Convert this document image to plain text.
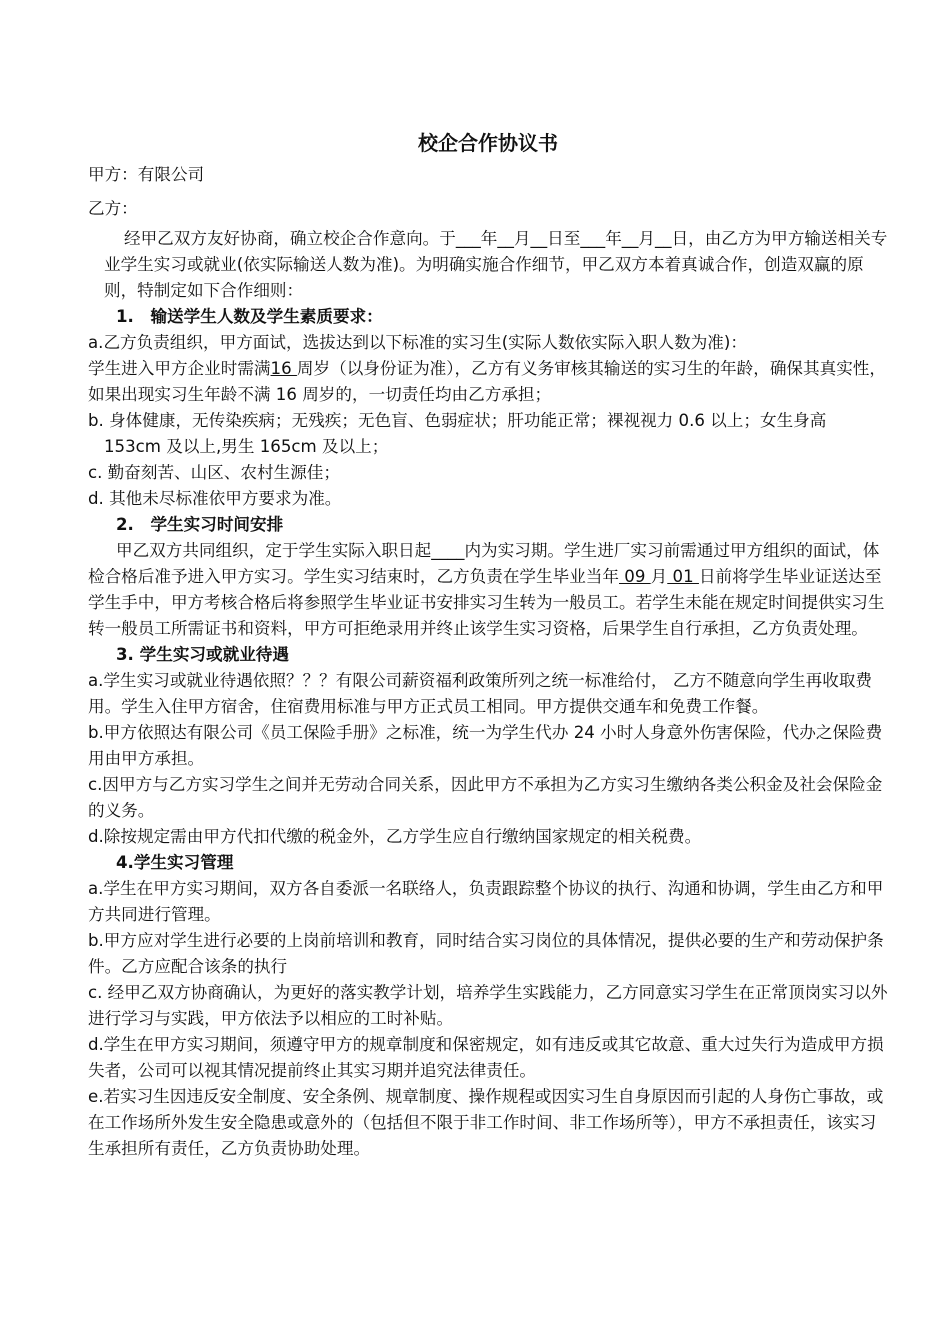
校企合作协议书

甲方：有限公司

乙方：

经甲乙双方友好协商，确立校企合作意向。于___年__月__日至___年__月__日，由乙方为甲方输送相关专业学生实习或就业(依实际输送人数为准)。为明确实施合作细节，甲乙双方本着真诚合作，创造双赢的原则，特制定如下合作细则：

1.　输送学生人数及学生素质要求：

a.乙方负责组织，甲方面试，选拔达到以下标准的实习生(实际人数依实际入职人数为准)：

学生进入甲方企业时需满16 周岁（以身份证为准），乙方有义务审核其输送的实习生的年龄，确保其真实性，如果出现实习生年龄不满 16 周岁的，一切责任均由乙方承担；

b. 身体健康，无传染疾病；无残疾；无色盲、色弱症状；肝功能正常；裸视视力 0.6 以上；女生身高 153cm 及以上,男生 165cm 及以上；

c. 勤奋刻苦、山区、农村生源佳；

d. 其他未尽标准依甲方要求为准。

2.　学生实习时间安排

甲乙双方共同组织，定于学生实际入职日起____内为实习期。学生进厂实习前需通过甲方组织的面试，体检合格后准予进入甲方实习。学生实习结束时，乙方负责在学生毕业当年 09 月 01 日前将学生毕业证送达至学生手中，甲方考核合格后将参照学生毕业证书安排实习生转为一般员工。若学生未能在规定时间提供实习生转一般员工所需证书和资料，甲方可拒绝录用并终止该学生实习资格，后果学生自行承担，乙方负责处理。

3. 学生实习或就业待遇

a.学生实习或就业待遇依照？？？有限公司薪资福利政策所列之统一标准给付， 乙方不随意向学生再收取费用。学生入住甲方宿舍，住宿费用标准与甲方正式员工相同。甲方提供交通车和免费工作餐。

b.甲方依照达有限公司《员工保险手册》之标准，统一为学生代办 24 小时人身意外伤害保险，代办之保险费用由甲方承担。

c.因甲方与乙方实习学生之间并无劳动合同关系，因此甲方不承担为乙方实习生缴纳各类公积金及社会保险金的义务。

d.除按规定需由甲方代扣代缴的税金外，乙方学生应自行缴纳国家规定的相关税费。

4.学生实习管理

a.学生在甲方实习期间，双方各自委派一名联络人，负责跟踪整个协议的执行、沟通和协调，学生由乙方和甲方共同进行管理。

b.甲方应对学生进行必要的上岗前培训和教育，同时结合实习岗位的具体情况，提供必要的生产和劳动保护条件。乙方应配合该条的执行

c. 经甲乙双方协商确认，为更好的落实教学计划，培养学生实践能力，乙方同意实习学生在正常顶岗实习以外进行学习与实践，甲方依法予以相应的工时补贴。

d.学生在甲方实习期间，须遵守甲方的规章制度和保密规定，如有违反或其它故意、重大过失行为造成甲方损失者，公司可以视其情况提前终止其实习期并追究法律责任。

e.若实习生因违反安全制度、安全条例、规章制度、操作规程或因实习生自身原因而引起的人身伤亡事故，或在工作场所外发生安全隐患或意外的（包括但不限于非工作时间、非工作场所等），甲方不承担责任，该实习生承担所有责任，乙方负责协助处理。
